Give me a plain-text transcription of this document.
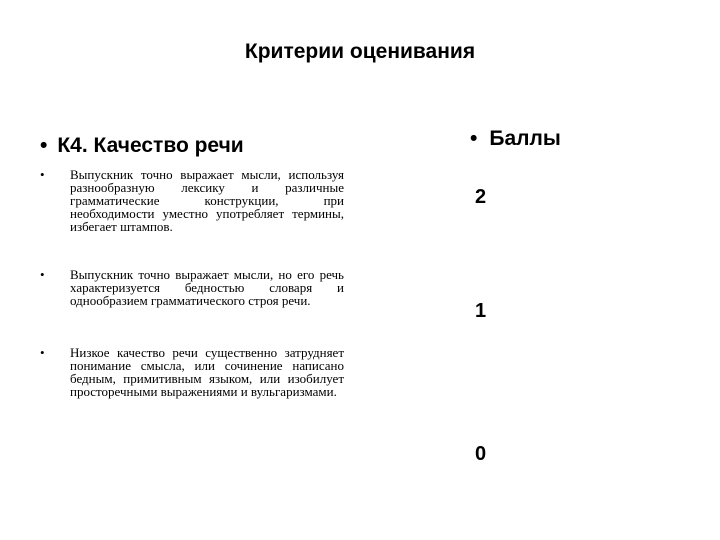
Критерии оценивания
• К4. Качество речи	• Баллы
• Выпускник точно выражает мысли, используя разнообразную лексику и различные грамматические конструкции, при необходимости уместно употребляет термины, избегает штампов.
• Выпускник точно выражает мысли, но его речь характеризуется бедностью словаря и однообразием грамматического строя речи.
• Низкое качество речи существенно затрудняет понимание смысла, или сочинение написано бедным, примитивным языком, или изобилует просторечными выражениями и вульгаризмами.
2
1
0
